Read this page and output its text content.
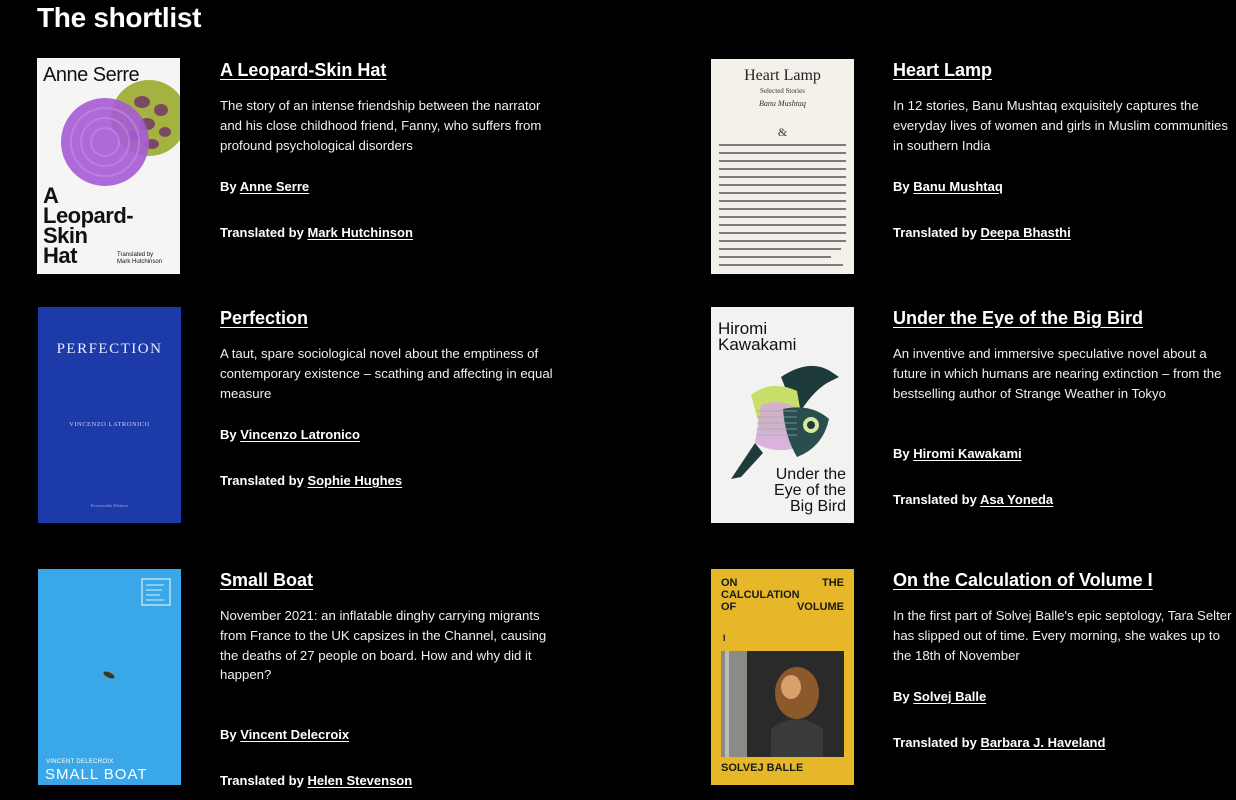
The shortlist
Anne Serre
A
Leopard-
Skin
Hat	Translated by
Mark Hutchinson
A Leopard-Skin Hat
The story of an intense friendship between the narrator and his close childhood friend, Fanny, who suffers from profound psychological disorders
By Anne Serre
Translated by Mark Hutchinson
Heart Lamp
Selected Stories
Banu Mushtaq
&
Heart Lamp
In 12 stories, Banu Mushtaq exquisitely captures the everyday lives of women and girls in Muslim communities in southern India
By Banu Mushtaq
Translated by Deepa Bhasthi
PERFECTION
VINCENZO LATRONICO
Fitzcarraldo Editions
Perfection
A taut, spare sociological novel about the emptiness of contemporary existence – scathing and affecting in equal measure
By Vincenzo Latronico
Translated by Sophie Hughes
Hiromi
Kawakami
Under the
Eye of the
Big Bird
Under the Eye of the Big Bird
An inventive and immersive speculative novel about a future in which humans are nearing extinction – from the bestselling author of Strange Weather in Tokyo
By Hiromi Kawakami
Translated by Asa Yoneda
VINCENT DELECROIX
SMALL BOAT
Small Boat
November 2021: an inflatable dinghy carrying migrants from France to the UK capsizes in the Channel, causing the deaths of 27 people on board. How and why did it happen?
By Vincent Delecroix
Translated by Helen Stevenson
ON	THE
CALCULATION
OF	VOLUME
I
SOLVEJ BALLE
On the Calculation of Volume I
In the first part of Solvej Balle's epic septology, Tara Selter has slipped out of time. Every morning, she wakes up to the 18th of November
By Solvej Balle
Translated by Barbara J. Haveland
